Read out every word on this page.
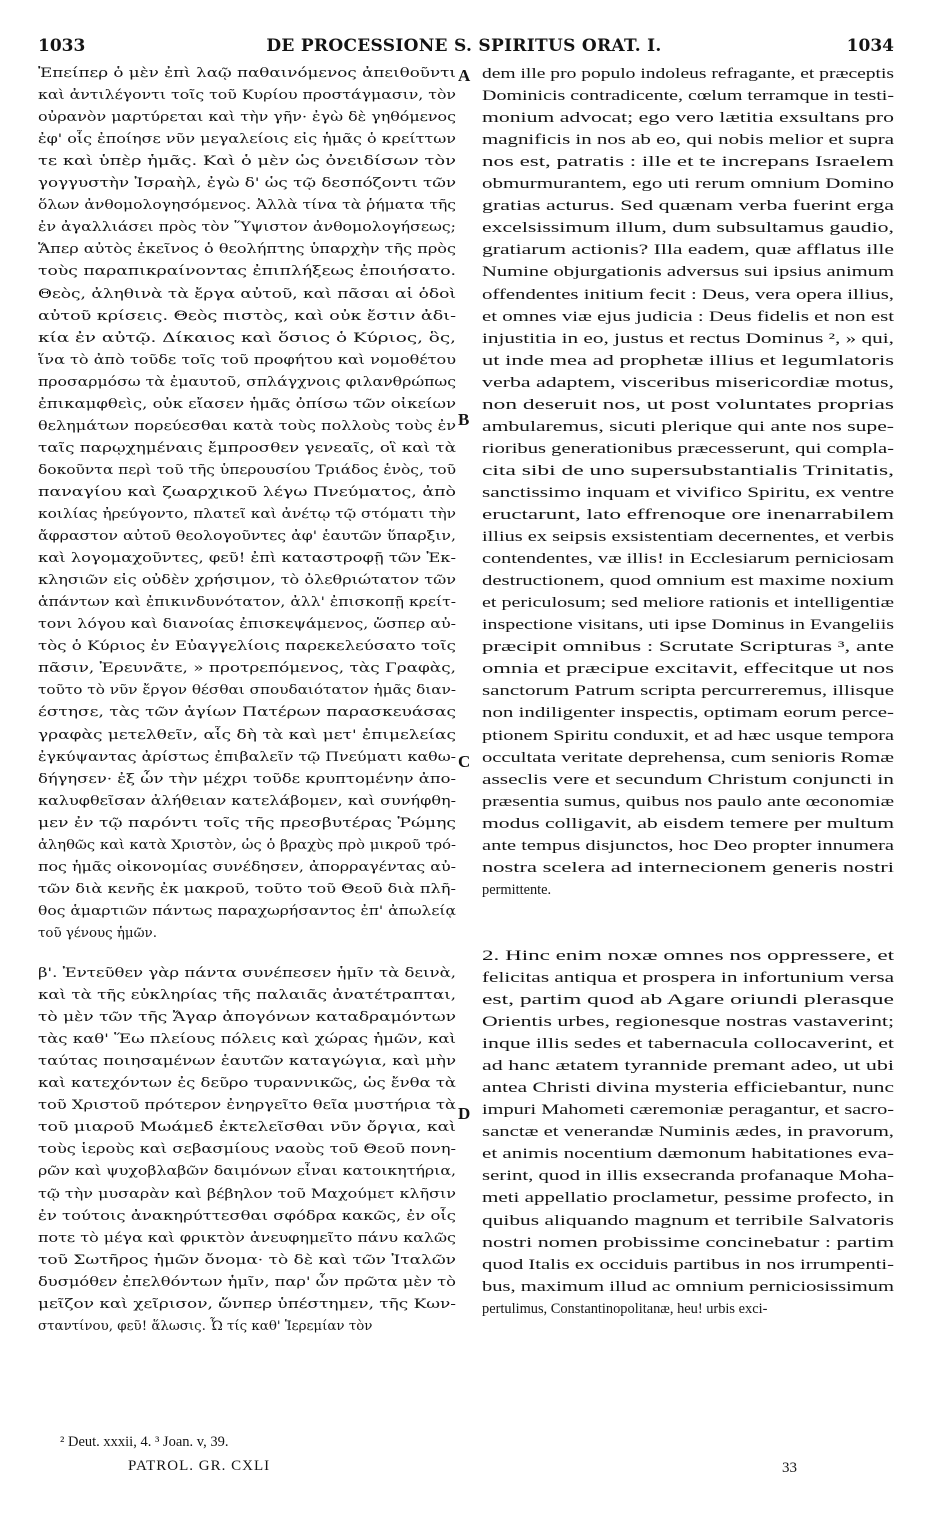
1033	DE PROCESSIONE S. SPIRITUS ORAT. I.	1034
Ἐπείπερ ὁ μὲν ἐπὶ λαῷ παθαινόμενος ἀπειθοῦντι
καὶ ἀντιλέγοντι τοῖς τοῦ Κυρίου προστάγμασιν, τὸν
οὐρανὸν μαρτύρεται καὶ τὴν γῆν· ἐγὼ δὲ γηθόμενος
ἐφ' οἷς ἐποίησε νῦν μεγαλείοις εἰς ἡμᾶς ὁ κρείττων
τε καὶ ὑπὲρ ἡμᾶς. Καὶ ὁ μὲν ὡς ὀνειδίσων τὸν
γογγυστὴν Ἰσραὴλ, ἐγὼ δ' ὡς τῷ δεσπόζοντι τῶν
ὅλων ἀνθομολογησόμενος. Ἀλλὰ τίνα τὰ ῥήματα τῆς
ἐν ἀγαλλιάσει πρὸς τὸν Ὕψιστον ἀνθομολογήσεως;
Ἅπερ αὐτὸς ἐκεῖνος ὁ θεολήπτης ὑπαρχὴν τῆς πρὸς
τοὺς παραπικραίνοντας ἐπιπλήξεως ἐποιήσατο.
Θεὸς, ἀληθινὰ τὰ ἔργα αὐτοῦ, καὶ πᾶσαι αἱ ὁδοὶ
αὐτοῦ κρίσεις. Θεὸς πιστὸς, καὶ οὐκ ἔστιν ἀδι-
κία ἐν αὐτῷ. Δίκαιος καὶ ὅσιος ὁ Κύριος, ὃς,
ἵνα τὸ ἀπὸ τοῦδε τοῖς τοῦ προφήτου καὶ νομοθέτου
προσαρμόσω τὰ ἐμαυτοῦ, σπλάγχνοις φιλανθρώπως
ἐπικαμφθεὶς, οὐκ εἴασεν ἡμᾶς ὀπίσω τῶν οἰκείων
θελημάτων πορεύεσθαι κατὰ τοὺς πολλοὺς τοὺς ἐν
ταῖς παρῳχημέναις ἔμπροσθεν γενεαῖς, οἳ καὶ τὰ
δοκοῦντα περὶ τοῦ τῆς ὑπερουσίου Τριάδος ἑνὸς, τοῦ
παναγίου καὶ ζωαρχικοῦ λέγω Πνεύματος, ἀπὸ
κοιλίας ἠρεύγοντο, πλατεῖ καὶ ἀνέτῳ τῷ στόματι τὴν
ἄφραστον αὐτοῦ θεολογοῦντες ἀφ' ἑαυτῶν ὕπαρξιν,
καὶ λογομαχοῦντες, φεῦ! ἐπὶ καταστροφῇ τῶν Ἐκ-
κλησιῶν εἰς οὐδὲν χρήσιμον, τὸ ὀλεθριώτατον τῶν
ἁπάντων καὶ ἐπικινδυνότατον, ἀλλ' ἐπισκοπῇ κρείτ-
τονι λόγου καὶ διανοίας ἐπισκεψάμενος, ὥσπερ αὐ-
τὸς ὁ Κύριος ἐν Εὐαγγελίοις παρεκελεύσατο τοῖς
πᾶσιν, Ἐρευνᾶτε, » προτρεπόμενος, τὰς Γραφὰς,
τοῦτο τὸ νῦν ἔργον θέσθαι σπουδαιότατον ἡμᾶς διαν-
έστησε, τὰς τῶν ἁγίων Πατέρων παρασκευάσας
γραφὰς μετελθεῖν, αἷς δὴ τὰ καὶ μετ' ἐπιμελείας
ἐγκύψαντας ἀρίστως ἐπιβαλεῖν τῷ Πνεύματι καθω-
δήγησεν· ἐξ ὧν τὴν μέχρι τοῦδε κρυπτομένην ἀπο-
καλυφθεῖσαν ἀλήθειαν κατελάβομεν, καὶ συνήφθη-
μεν ἐν τῷ παρόντι τοῖς τῆς πρεσβυτέρας Ῥώμης
ἀληθῶς καὶ κατὰ Χριστὸν, ὡς ὁ βραχὺς πρὸ μικροῦ τρό-
πος ἡμᾶς οἰκονομίας συνέδησεν, ἀπορραγέντας αὐ-
τῶν διὰ κενῆς ἐκ μακροῦ, τοῦτο τοῦ Θεοῦ διὰ πλῆ-
θος ἁμαρτιῶν πάντως παραχωρήσαντος ἐπ' ἀπωλείᾳ
τοῦ γένους ἡμῶν.
β'. Ἐντεῦθεν γὰρ πάντα συνέπεσεν ἡμῖν τὰ δεινὰ,
καὶ τὰ τῆς εὐκληρίας τῆς παλαιᾶς ἀνατέτραπται,
τὸ μὲν τῶν τῆς Ἄγαρ ἀπογόνων καταδραμόντων
τὰς καθ' Ἕω πλείους πόλεις καὶ χώρας ἡμῶν, καὶ
ταύτας ποιησαμένων ἑαυτῶν καταγώγια, καὶ μὴν
καὶ κατεχόντων ἐς δεῦρο τυραννικῶς, ὡς ἔνθα τὰ
τοῦ Χριστοῦ πρότερον ἐνηργεῖτο θεῖα μυστήρια τὰ
τοῦ μιαροῦ Μωάμεδ ἐκτελεῖσθαι νῦν ὄργια, καὶ
τοὺς ἱεροὺς καὶ σεβασμίους ναοὺς τοῦ Θεοῦ πονη-
ρῶν καὶ ψυχοβλαβῶν δαιμόνων εἶναι κατοικητήρια,
τῷ τὴν μυσαρὰν καὶ βέβηλον τοῦ Μαχούμετ κλῆσιν
ἐν τούτοις ἀνακηρύττεσθαι σφόδρα κακῶς, ἐν οἷς
ποτε τὸ μέγα καὶ φρικτὸν ἀνευφημεῖτο πάνυ καλῶς
τοῦ Σωτῆρος ἡμῶν ὄνομα· τὸ δὲ καὶ τῶν Ἰταλῶν
δυσμόθεν ἐπελθόντων ἡμῖν, παρ' ὧν πρῶτα μὲν τὸ
μεῖζον καὶ χεῖρισον, ὥνπερ ὑπέστημεν, τῆς Κων-
σταντίνου, φεῦ! ἅλωσις. Ὦ τίς καθ' Ἱερεμίαν τὸν
dem ille pro populo indoleus refragante, et præceptis
Dominicis contradicente, cœlum terramque in testi-
monium advocat; ego vero lætitia exsultans pro
magnificis in nos ab eo, qui nobis melior et supra
nos est, patratis : ille et te increpans Israelem
obmurmurantem, ego uti rerum omnium Domino
gratias acturus. Sed quænam verba fuerint erga
excelsissimum illum, dum subsultamus gaudio,
gratiarum actionis? Illa eadem, quæ afflatus ille
Numine objurgationis adversus sui ipsius animum
offendentes initium fecit : Deus, vera opera illius,
et omnes viæ ejus judicia : Deus fidelis et non est
injustitia in eo, justus et rectus Dominus ², » qui,
ut inde mea ad prophetæ illius et legumlatoris
verba adaptem, visceribus misericordiæ motus,
non deseruit nos, ut post voluntates proprias
ambularemus, sicuti plerique qui ante nos supe-
rioribus generationibus præcesserunt, qui compla-
cita sibi de uno supersubstantialis Trinitatis,
sanctissimo inquam et vivifico Spiritu, ex ventre
eructarunt, lato effrenoque ore inenarrabilem
illius ex seipsis exsistentiam decernentes, et verbis
contendentes, væ illis! in Ecclesiarum perniciosam
destructionem, quod omnium est maxime noxium
et periculosum; sed meliore rationis et intelligentiæ
inspectione visitans, uti ipse Dominus in Evangeliis
præcipit omnibus : Scrutate Scripturas ³, ante
omnia et præcipue excitavit, effecitque ut nos
sanctorum Patrum scripta percurreremus, illisque
non indiligenter inspectis, optimam eorum perce-
ptionem Spiritu conduxit, et ad hæc usque tempora
occultata veritate deprehensa, cum senioris Romæ
asseclis vere et secundum Christum conjuncti in
præsentia sumus, quibus nos paulo ante œconomiæ
modus colligavit, ab eisdem temere per multum
ante tempus disjunctos, hoc Deo propter innumera
nostra scelera ad internecionem generis nostri
permittente.
2. Hinc enim noxæ omnes nos oppressere, et
felicitas antiqua et prospera in infortunium versa
est, partim quod ab Agare oriundi plerasque
Orientis urbes, regionesque nostras vastaverint;
inque illis sedes et tabernacula collocaverint, et
ad hanc ætatem tyrannide premant adeo, ut ubi
antea Christi divina mysteria efficiebantur, nunc
impuri Mahometi cæremoniæ peragantur, et sacro-
sanctæ et venerandæ Numinis ædes, in pravorum,
et animis nocentium dæmonum habitationes eva-
serint, quod in illis exsecranda profanaque Moha-
meti appellatio proclametur, pessime profecto, in
quibus aliquando magnum et terribile Salvatoris
nostri nomen probissime concinebatur : partim
quod Italis ex occiduis partibus in nos irrumpenti-
bus, maximum illud ac omnium perniciosissimum
pertulimus, Constantinopolitanæ, heu! urbis exci-
A
B
C
D
² Deut. xxxii, 4. ³ Joan. v, 39.
PATROL. GR. CXLI	33
